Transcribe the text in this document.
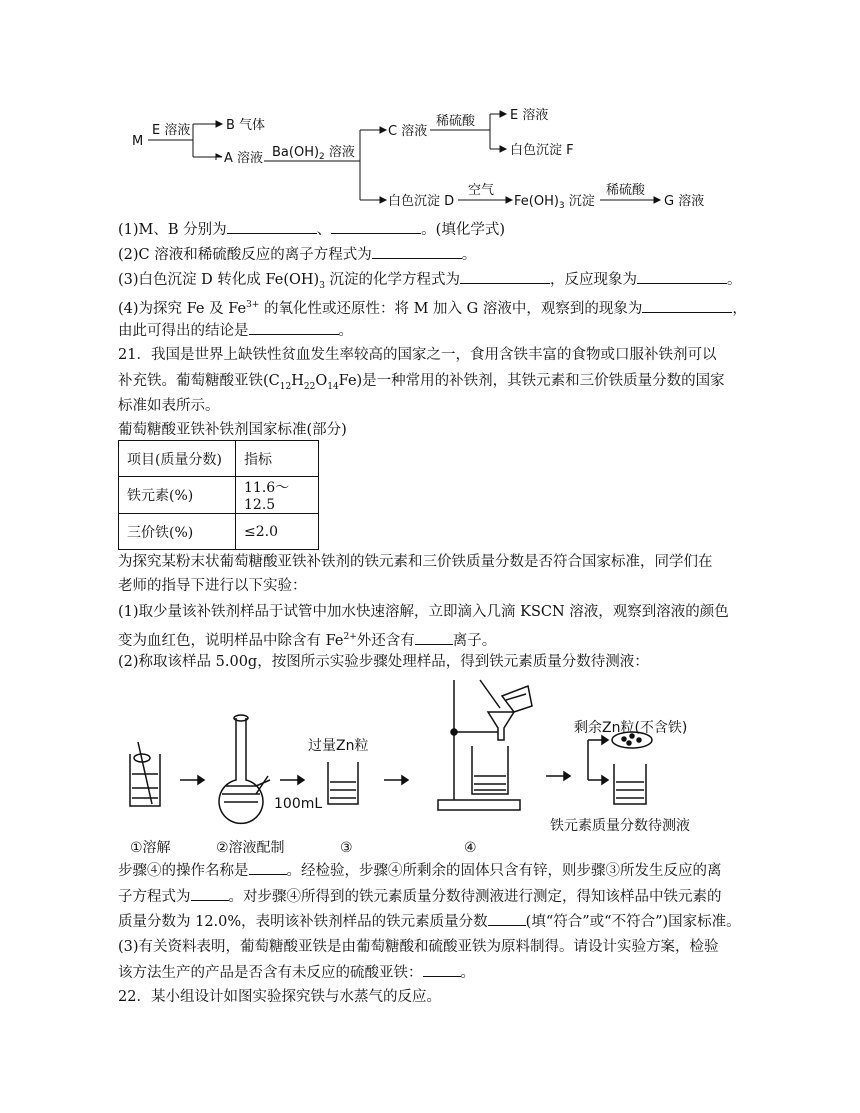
M
E 溶液	B 气体
A 溶液 $Ba(OH)_2$ 溶液
C 溶液
稀硫酸	E 溶液
白色沉淀 F
白色沉淀 D
空气
$Fe(OH)_3$ 沉淀
稀硫酸
G 溶液
(1)M、B 分别为	、	。(填化学式)
(2)C 溶液和稀硫酸反应的离子方程式为	。
(3)白色沉淀 D 转化成 $Fe(OH)_3$ 沉淀的化学方程式为	，反应现象为	。
(4)为探究 Fe 及 $Fe^{3+}$ 的氧化性或还原性：将 M 加入 G 溶液中，观察到的现象为	，
由此可得出的结论是	。
21．我国是世界上缺铁性贫血发生率较高的国家之一，食用含铁丰富的食物或口服补铁剂可以
补充铁。葡萄糖酸亚铁$(C_{12}H_{22}O_{14}Fe)$是一种常用的补铁剂，其铁元素和三价铁质量分数的国家
标准如表所示。
葡萄糖酸亚铁补铁剂国家标准(部分)
项目(质量分数)	指标
铁元素(%)	11.6～12.5
三价铁(%)	≤2.0
为探究某粉末状葡萄糖酸亚铁补铁剂的铁元素和三价铁质量分数是否符合国家标准，同学们在
老师的指导下进行以下实验：
(1)取少量该补铁剂样品于试管中加水快速溶解，立即滴入几滴 KSCN 溶液，观察到溶液的颜色
变为血红色，说明样品中除含有 $Fe^{2+}$外还含有	离子。
(2)称取该样品 5.00g，按图所示实验步骤处理样品，得到铁元素质量分数待测液：
过量Zn粒
100mL
剩余Zn粒(不含铁)
铁元素质量分数待测液
①溶解	②溶液配制	③	④
步骤④的操作名称是	。经检验，步骤④所剩余的固体只含有锌，则步骤③所发生反应的离
子方程式为	。对步骤④所得到的铁元素质量分数待测液进行测定，得知该样品中铁元素的
质量分数为 12.0%，表明该补铁剂样品的铁元素质量分数	(填“符合”或“不符合”)国家标准。
(3)有关资料表明，葡萄糖酸亚铁是由葡萄糖酸和硫酸亚铁为原料制得。请设计实验方案，检验
该方法生产的产品是否含有未反应的硫酸亚铁：	。
22．某小组设计如图实验探究铁与水蒸气的反应。
